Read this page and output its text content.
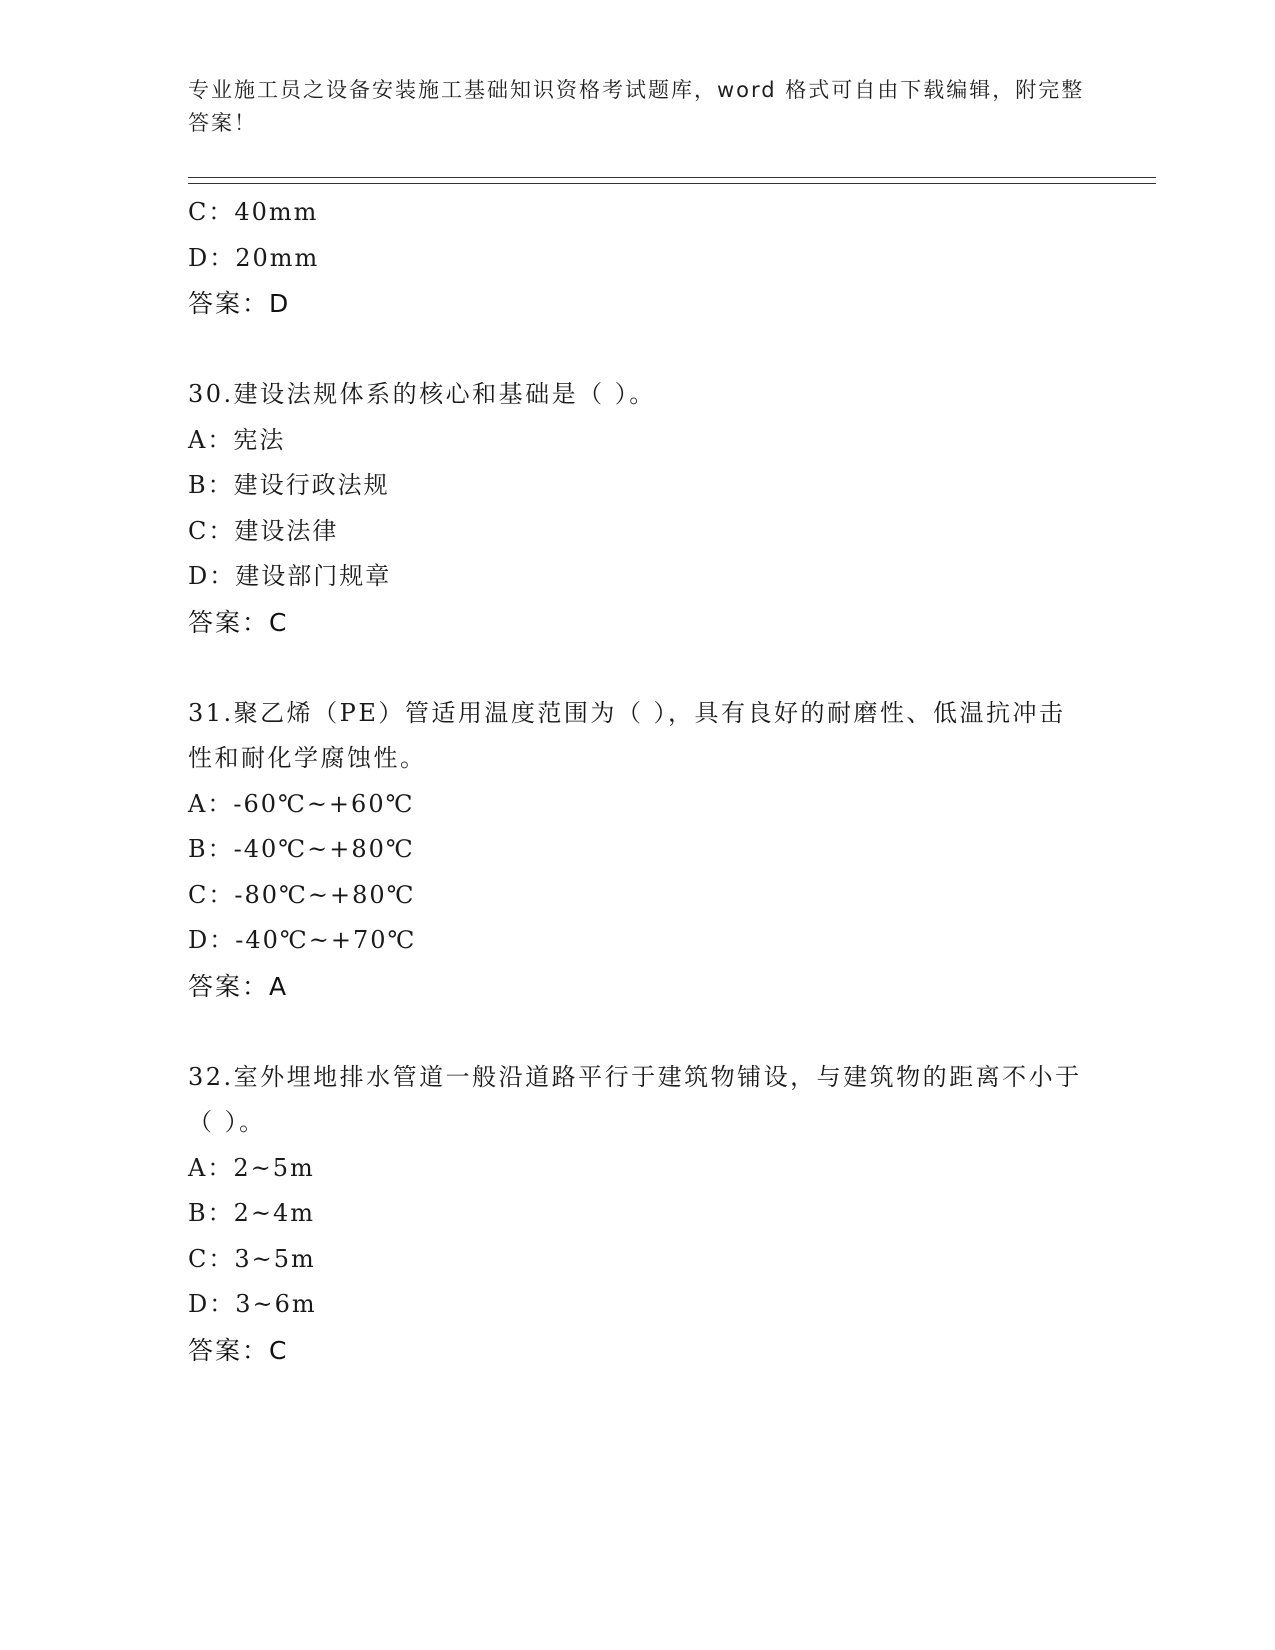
专业施工员之设备安装施工基础知识资格考试题库，word 格式可自由下载编辑，附完整答案！
C：40mm
D：20mm
答案：D
30.建设法规体系的核心和基础是（ ）。
A：宪法
B：建设行政法规
C：建设法律
D：建设部门规章
答案：C
31.聚乙烯（PE）管适用温度范围为（ ），具有良好的耐磨性、低温抗冲击性和耐化学腐蚀性。
A：-60℃~+60℃
B：-40℃~+80℃
C：-80℃~+80℃
D：-40℃~+70℃
答案：A
32.室外埋地排水管道一般沿道路平行于建筑物铺设，与建筑物的距离不小于（ ）。
A：2~5m
B：2~4m
C：3~5m
D：3~6m
答案：C
